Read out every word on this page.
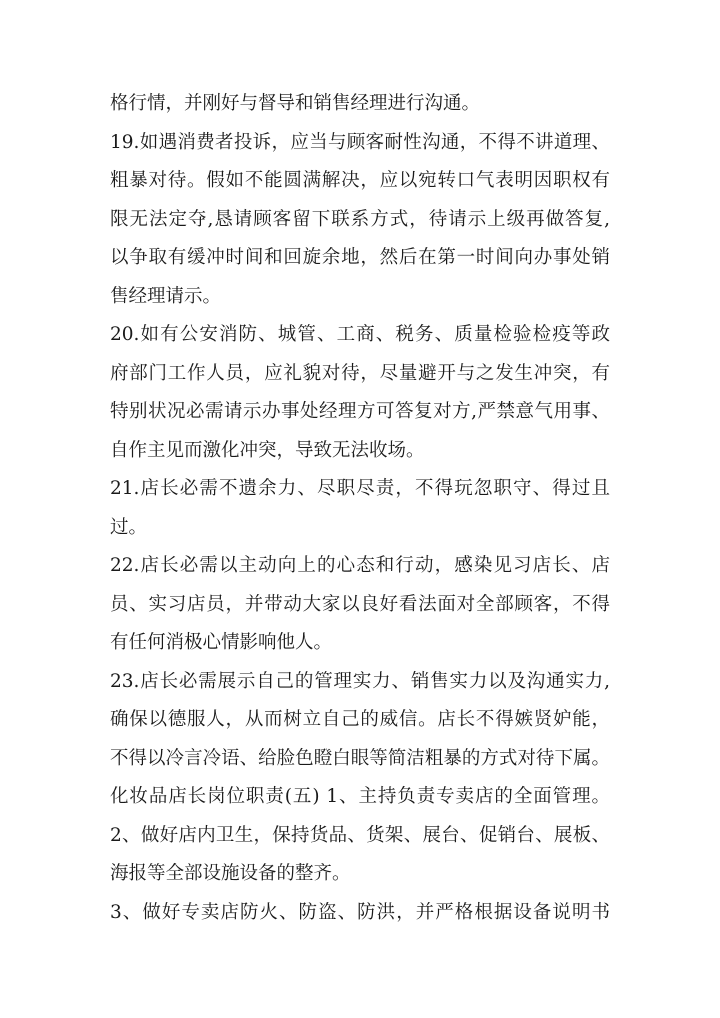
格行情，并刚好与督导和销售经理进行沟通。
19.如遇消费者投诉，应当与顾客耐性沟通，不得不讲道理、
粗暴对待。假如不能圆满解决，应以宛转口气表明因职权有
限无法定夺,恳请顾客留下联系方式，待请示上级再做答复,
以争取有缓冲时间和回旋余地，然后在第一时间向办事处销
售经理请示。
20.如有公安消防、城管、工商、税务、质量检验检疫等政
府部门工作人员，应礼貌对待，尽量避开与之发生冲突，有
特别状况必需请示办事处经理方可答复对方,严禁意气用事、
自作主见而激化冲突，导致无法收场。
21.店长必需不遗余力、尽职尽责，不得玩忽职守、得过且
过。
22.店长必需以主动向上的心态和行动，感染见习店长、店
员、实习店员，并带动大家以良好看法面对全部顾客，不得
有任何消极心情影响他人。
23.店长必需展示自己的管理实力、销售实力以及沟通实力,
确保以德服人，从而树立自己的威信。店长不得嫉贤妒能，
不得以冷言冷语、给脸色瞪白眼等简洁粗暴的方式对待下属。
化妆品店长岗位职责(五) 1、主持负责专卖店的全面管理。
2、做好店内卫生，保持货品、货架、展台、促销台、展板、
海报等全部设施设备的整齐。
3、做好专卖店防火、防盗、防洪，并严格根据设备说明书
